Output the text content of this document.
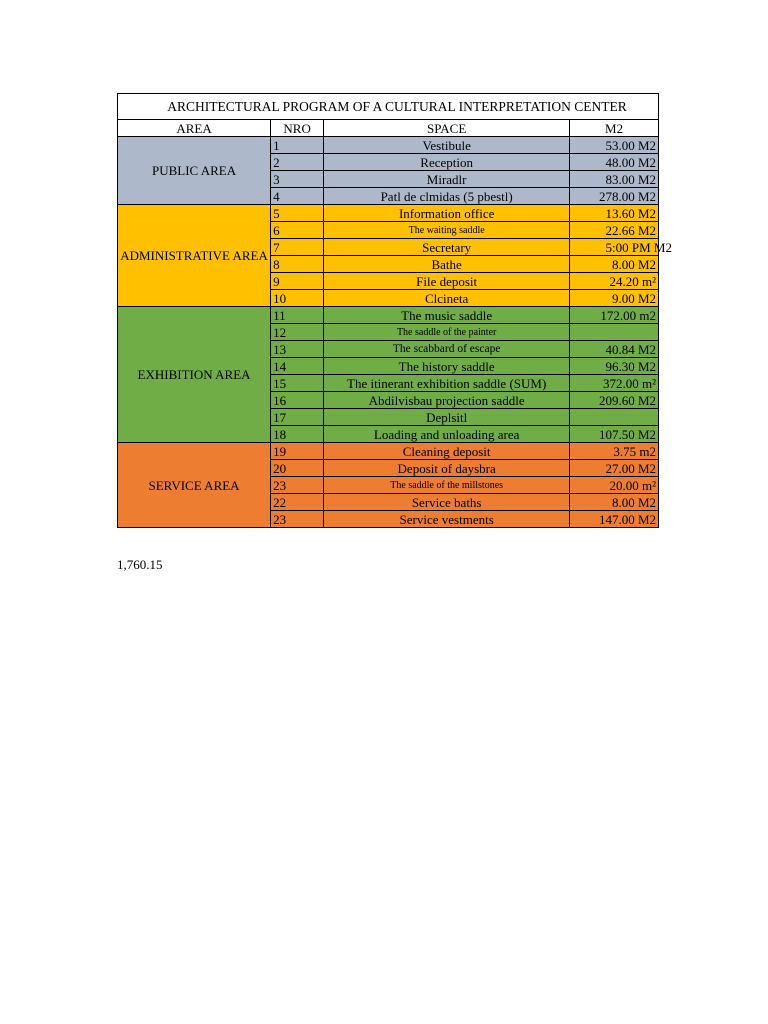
ARCHITECTURAL PROGRAM OF A CULTURAL INTERPRETATION CENTER			
AREA	NRO	SPACE	M2
PUBLIC AREA	1	Vestibule	53.00 M2
	2	Reception	48.00 M2
	3	Miradlr	83.00 M2
	4	Patl de clmidas (5 pbestl)	278.00 M2
ADMINISTRATIVE AREA	5	Information office	13.60 M2
	6	The waiting saddle	22.66 M2
	7	Secretary	5:00 PM M2
	8	Bathe	8.00 M2
	9	File deposit	24.20 m²
	10	Clcineta	9.00 M2
EXHIBITION AREA	11	The music saddle	172.00 m2
	12	The saddle of the painter	
	13	The scabbard of escape	40.84 M2
	14	The history saddle	96.30 M2
	15	The itinerant exhibition saddle (SUM)	372.00 m²
	16	Abdilvisbau projection saddle	209.60 M2
	17	Deplsitl	
	18	Loading and unloading area	107.50 M2
SERVICE AREA	19	Cleaning deposit	3.75 m2
	20	Deposit of daysbra	27.00 M2
	23	The saddle of the millstones	20.00 m²
	22	Service baths	8.00 M2
	23	Service vestments	147.00 M2
1,760.15
